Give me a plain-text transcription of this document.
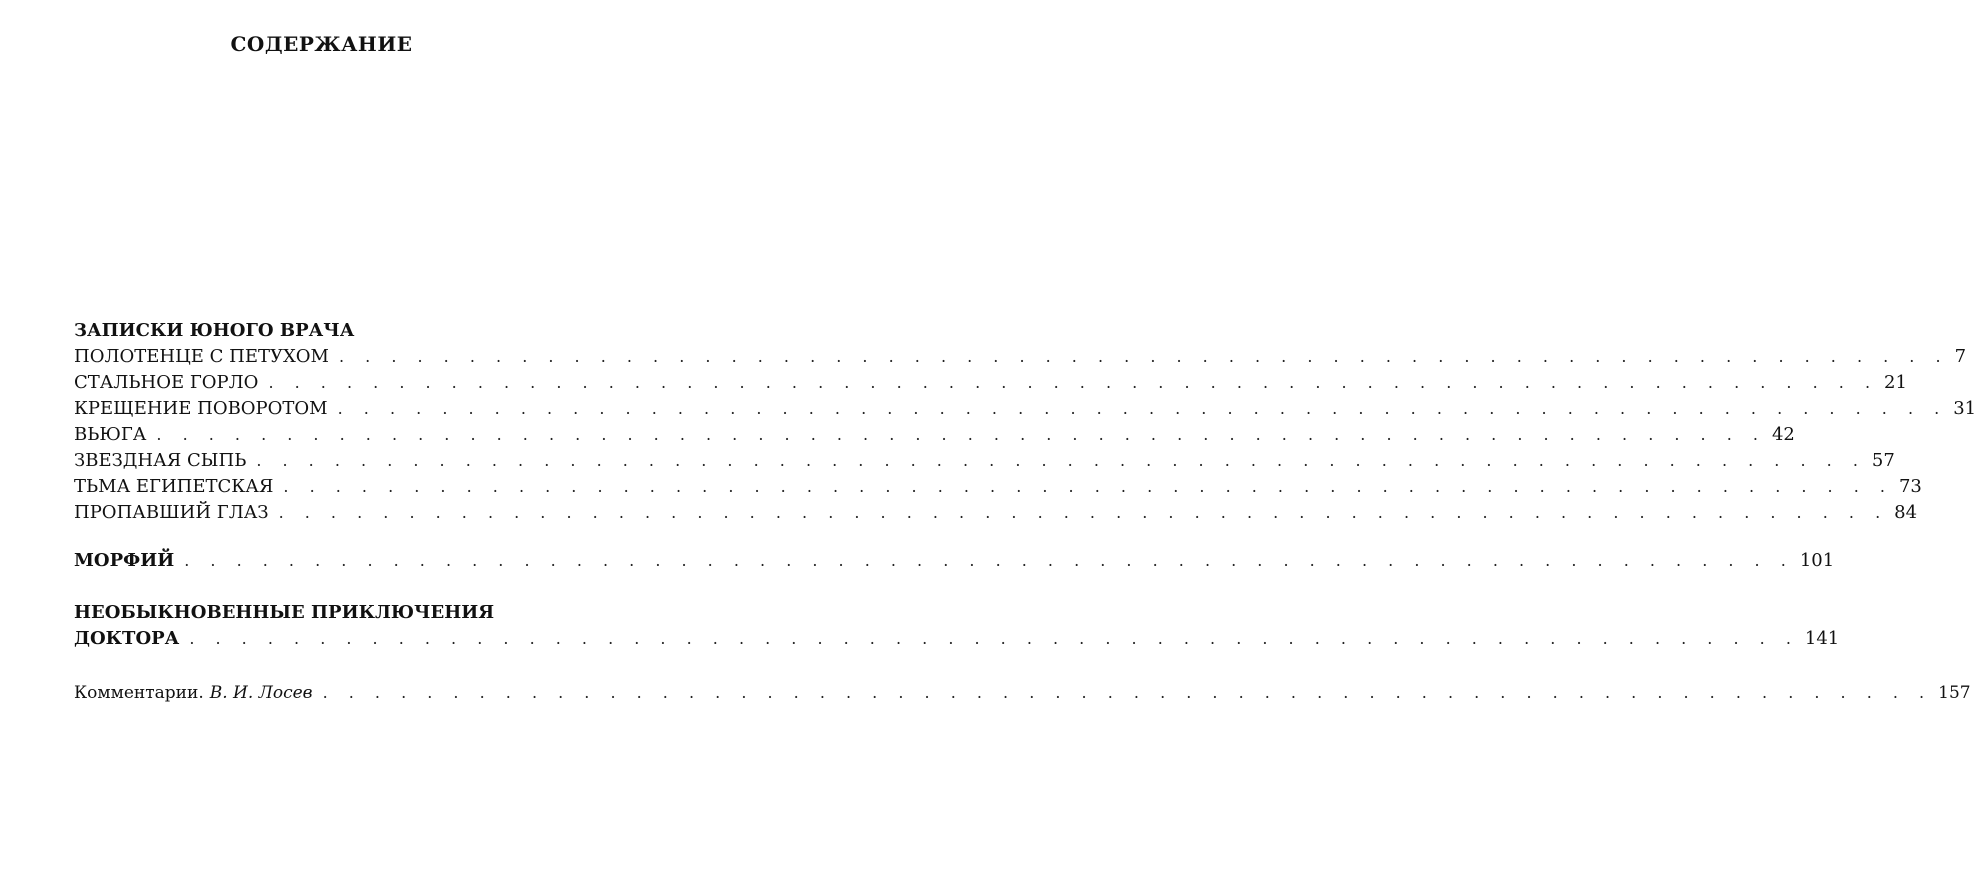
СОДЕРЖАНИЕ
ЗАПИСКИ ЮНОГО ВРАЧА
ПОЛОТЕНЦЕ С ПЕТУХОМ . . . . . . . . . . . . . . . . . . . . . . . . . . . . . . . . . . . . . . . . . . . . . . . . . . . . . . . . . . . . . . 7
СТАЛЬНОЕ ГОРЛО . . . . . . . . . . . . . . . . . . . . . . . . . . . . . . . . . . . . . . . . . . . . . . . . . . . . . . . . . . . . . . 21
КРЕЩЕНИЕ ПОВОРОТОМ . . . . . . . . . . . . . . . . . . . . . . . . . . . . . . . . . . . . . . . . . . . . . . . . . . . . . . . . . . . . . . 31
ВЬЮГА . . . . . . . . . . . . . . . . . . . . . . . . . . . . . . . . . . . . . . . . . . . . . . . . . . . . . . . . . . . . . . 42
ЗВЕЗДНАЯ СЫПЬ . . . . . . . . . . . . . . . . . . . . . . . . . . . . . . . . . . . . . . . . . . . . . . . . . . . . . . . . . . . . . . 57
ТЬМА ЕГИПЕТСКАЯ . . . . . . . . . . . . . . . . . . . . . . . . . . . . . . . . . . . . . . . . . . . . . . . . . . . . . . . . . . . . . . 73
ПРОПАВШИЙ ГЛАЗ . . . . . . . . . . . . . . . . . . . . . . . . . . . . . . . . . . . . . . . . . . . . . . . . . . . . . . . . . . . . . . 84
МОРФИЙ . . . . . . . . . . . . . . . . . . . . . . . . . . . . . . . . . . . . . . . . . . . . . . . . . . . . . . . . . . . . . . 101
НЕОБЫКНОВЕННЫЕ ПРИКЛЮЧЕНИЯ
ДОКТОРА . . . . . . . . . . . . . . . . . . . . . . . . . . . . . . . . . . . . . . . . . . . . . . . . . . . . . . . . . . . . . . 141
Комментарии. В. И. Лосев . . . . . . . . . . . . . . . . . . . . . . . . . . . . . . . . . . . . . . . . . . . . . . . . . . . . . . . . . . . . . . 157
